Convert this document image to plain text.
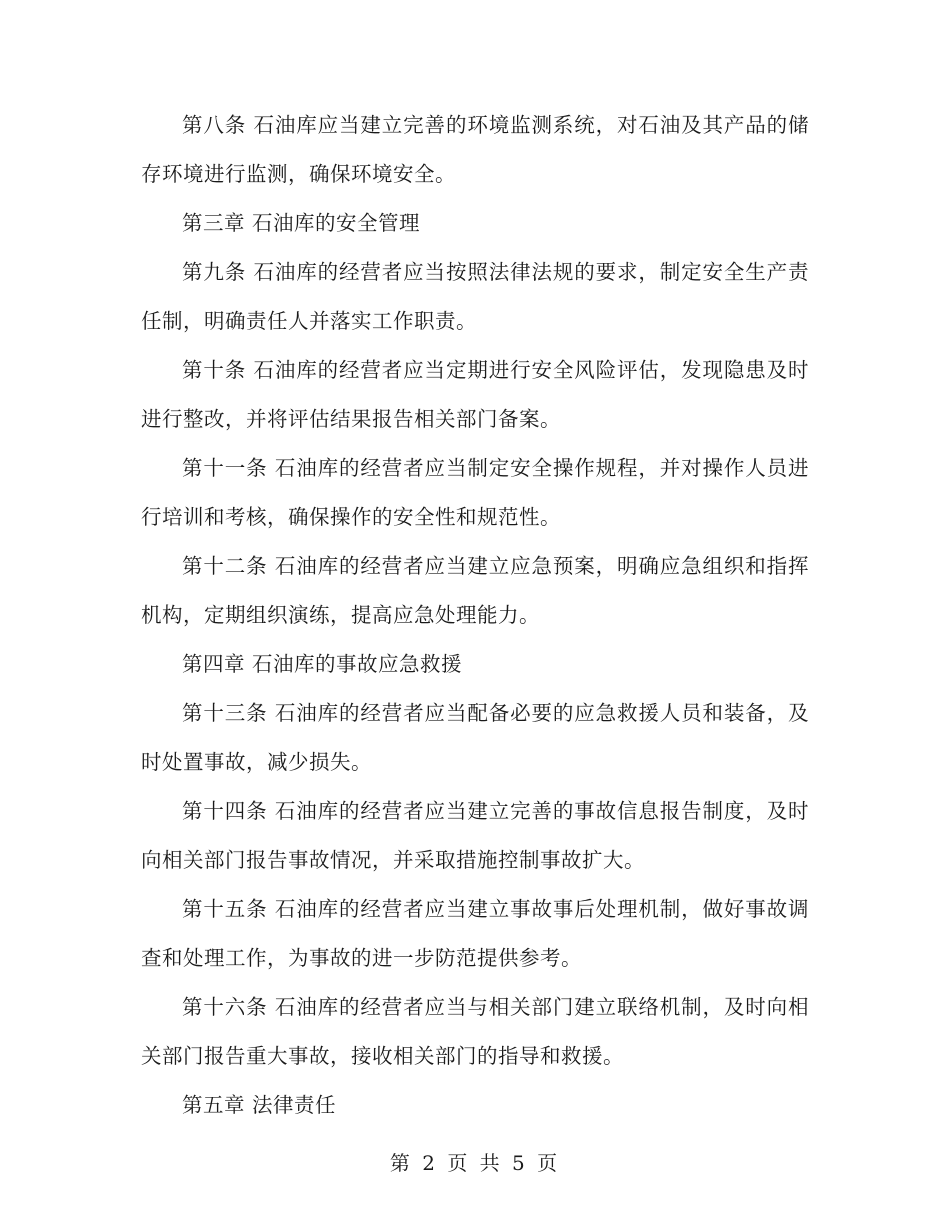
第八条 石油库应当建立完善的环境监测系统，对石油及其产品的储存环境进行监测，确保环境安全。

第三章 石油库的安全管理

第九条 石油库的经营者应当按照法律法规的要求，制定安全生产责任制，明确责任人并落实工作职责。

第十条 石油库的经营者应当定期进行安全风险评估，发现隐患及时进行整改，并将评估结果报告相关部门备案。

第十一条 石油库的经营者应当制定安全操作规程，并对操作人员进行培训和考核，确保操作的安全性和规范性。

第十二条 石油库的经营者应当建立应急预案，明确应急组织和指挥机构，定期组织演练，提高应急处理能力。

第四章 石油库的事故应急救援

第十三条 石油库的经营者应当配备必要的应急救援人员和装备，及时处置事故，减少损失。

第十四条 石油库的经营者应当建立完善的事故信息报告制度，及时向相关部门报告事故情况，并采取措施控制事故扩大。

第十五条 石油库的经营者应当建立事故事后处理机制，做好事故调查和处理工作，为事故的进一步防范提供参考。

第十六条 石油库的经营者应当与相关部门建立联络机制，及时向相关部门报告重大事故，接收相关部门的指导和救援。

第五章 法律责任

第 2 页 共 5 页
